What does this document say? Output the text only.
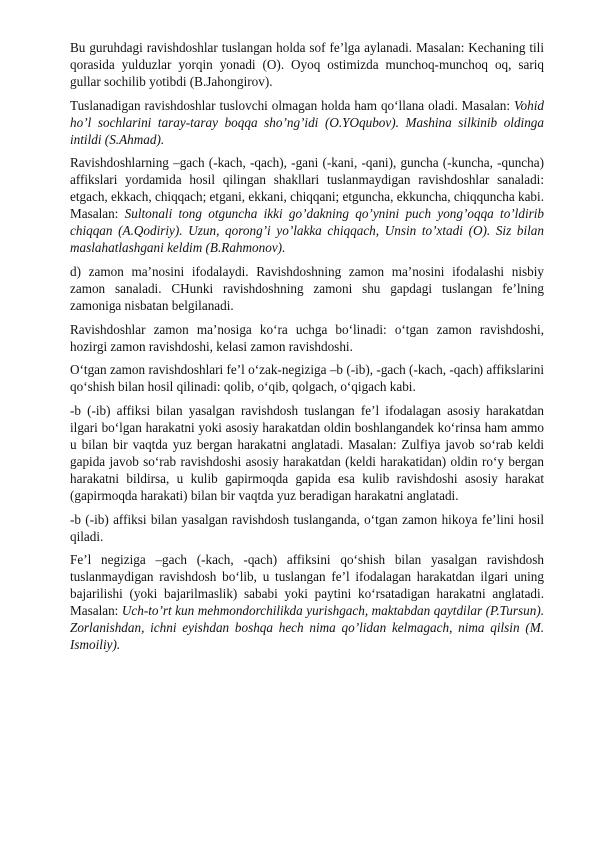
Bu guruhdagi ravishdoshlar tuslangan holda sof fe’lga aylanadi. Masalan: Kechaning tili qorasida yulduzlar yorqin yonadi (O). Oyoq ostimizda munchoq-munchoq oq, sariq gullar sochilib yotibdi (B.Jahongirov).

Tuslanadigan ravishdoshlar tuslovchi olmagan holda ham qo‘llana oladi. Masalan: Vohid ho’l sochlarini taray-taray boqqa sho’ng’idi (O.YOqubov). Mashina silkinib oldinga intildi (S.Ahmad).

Ravishdoshlarning –gach (-kach, -qach), -gani (-kani, -qani), guncha (-kuncha, -quncha) affikslari yordamida hosil qilingan shakllari tuslanmaydigan ravishdoshlar sanaladi: etgach, ekkach, chiqqach; etgani, ekkani, chiqqani; etguncha, ekkuncha, chiqquncha kabi. Masalan: Sultonali tong otguncha ikki go’dakning qo’ynini puch yong’oqqa to’ldirib chiqqan (A.Qodiriy). Uzun, qorong’i yo’lakka chiqqach, Unsin to’xtadi (O). Siz bilan maslahatlashgani keldim (B.Rahmonov).

d) zamon ma’nosini ifodalaydi. Ravishdoshning zamon ma’nosini ifodalashi nisbiy zamon sanaladi. CHunki ravishdoshning zamoni shu gapdagi tuslangan fe’lning zamoniga nisbatan belgilanadi.

Ravishdoshlar zamon ma’nosiga ko‘ra uchga bo‘linadi: o‘tgan zamon ravishdoshi, hozirgi zamon ravishdoshi, kelasi zamon ravishdoshi.

O‘tgan zamon ravishdoshlari fe’l o‘zak-negiziga –b (-ib), -gach (-kach, -qach) affikslarini qo‘shish bilan hosil qilinadi: qolib, o‘qib, qolgach, o‘qigach kabi.

-b (-ib) affiksi bilan yasalgan ravishdosh tuslangan fe’l ifodalagan asosiy harakatdan ilgari bo‘lgan harakatni yoki asosiy harakatdan oldin boshlangandek ko‘rinsa ham ammo u bilan bir vaqtda yuz bergan harakatni anglatadi. Masalan: Zulfiya javob so‘rab keldi gapida javob so‘rab ravishdoshi asosiy harakatdan (keldi harakatidan) oldin ro‘y bergan harakatni bildirsa, u kulib gapirmoqda gapida esa kulib ravishdoshi asosiy harakat (gapirmoqda harakati) bilan bir vaqtda yuz beradigan harakatni anglatadi.

-b (-ib) affiksi bilan yasalgan ravishdosh tuslanganda, o‘tgan zamon hikoya fe’lini hosil qiladi.

Fe’l negiziga –gach (-kach, -qach) affiksini qo‘shish bilan yasalgan ravishdosh tuslanmaydigan ravishdosh bo‘lib, u tuslangan fe’l ifodalagan harakatdan ilgari uning bajarilishi (yoki bajarilmaslik) sababi yoki paytini ko‘rsatadigan harakatni anglatadi. Masalan: Uch-to’rt kun mehmondorchilikda yurishgach, maktabdan qaytdilar (P.Tursun). Zorlanishdan, ichni eyishdan boshqa hech nima qo’lidan kelmagach, nima qilsin (M. Ismoiliy).
